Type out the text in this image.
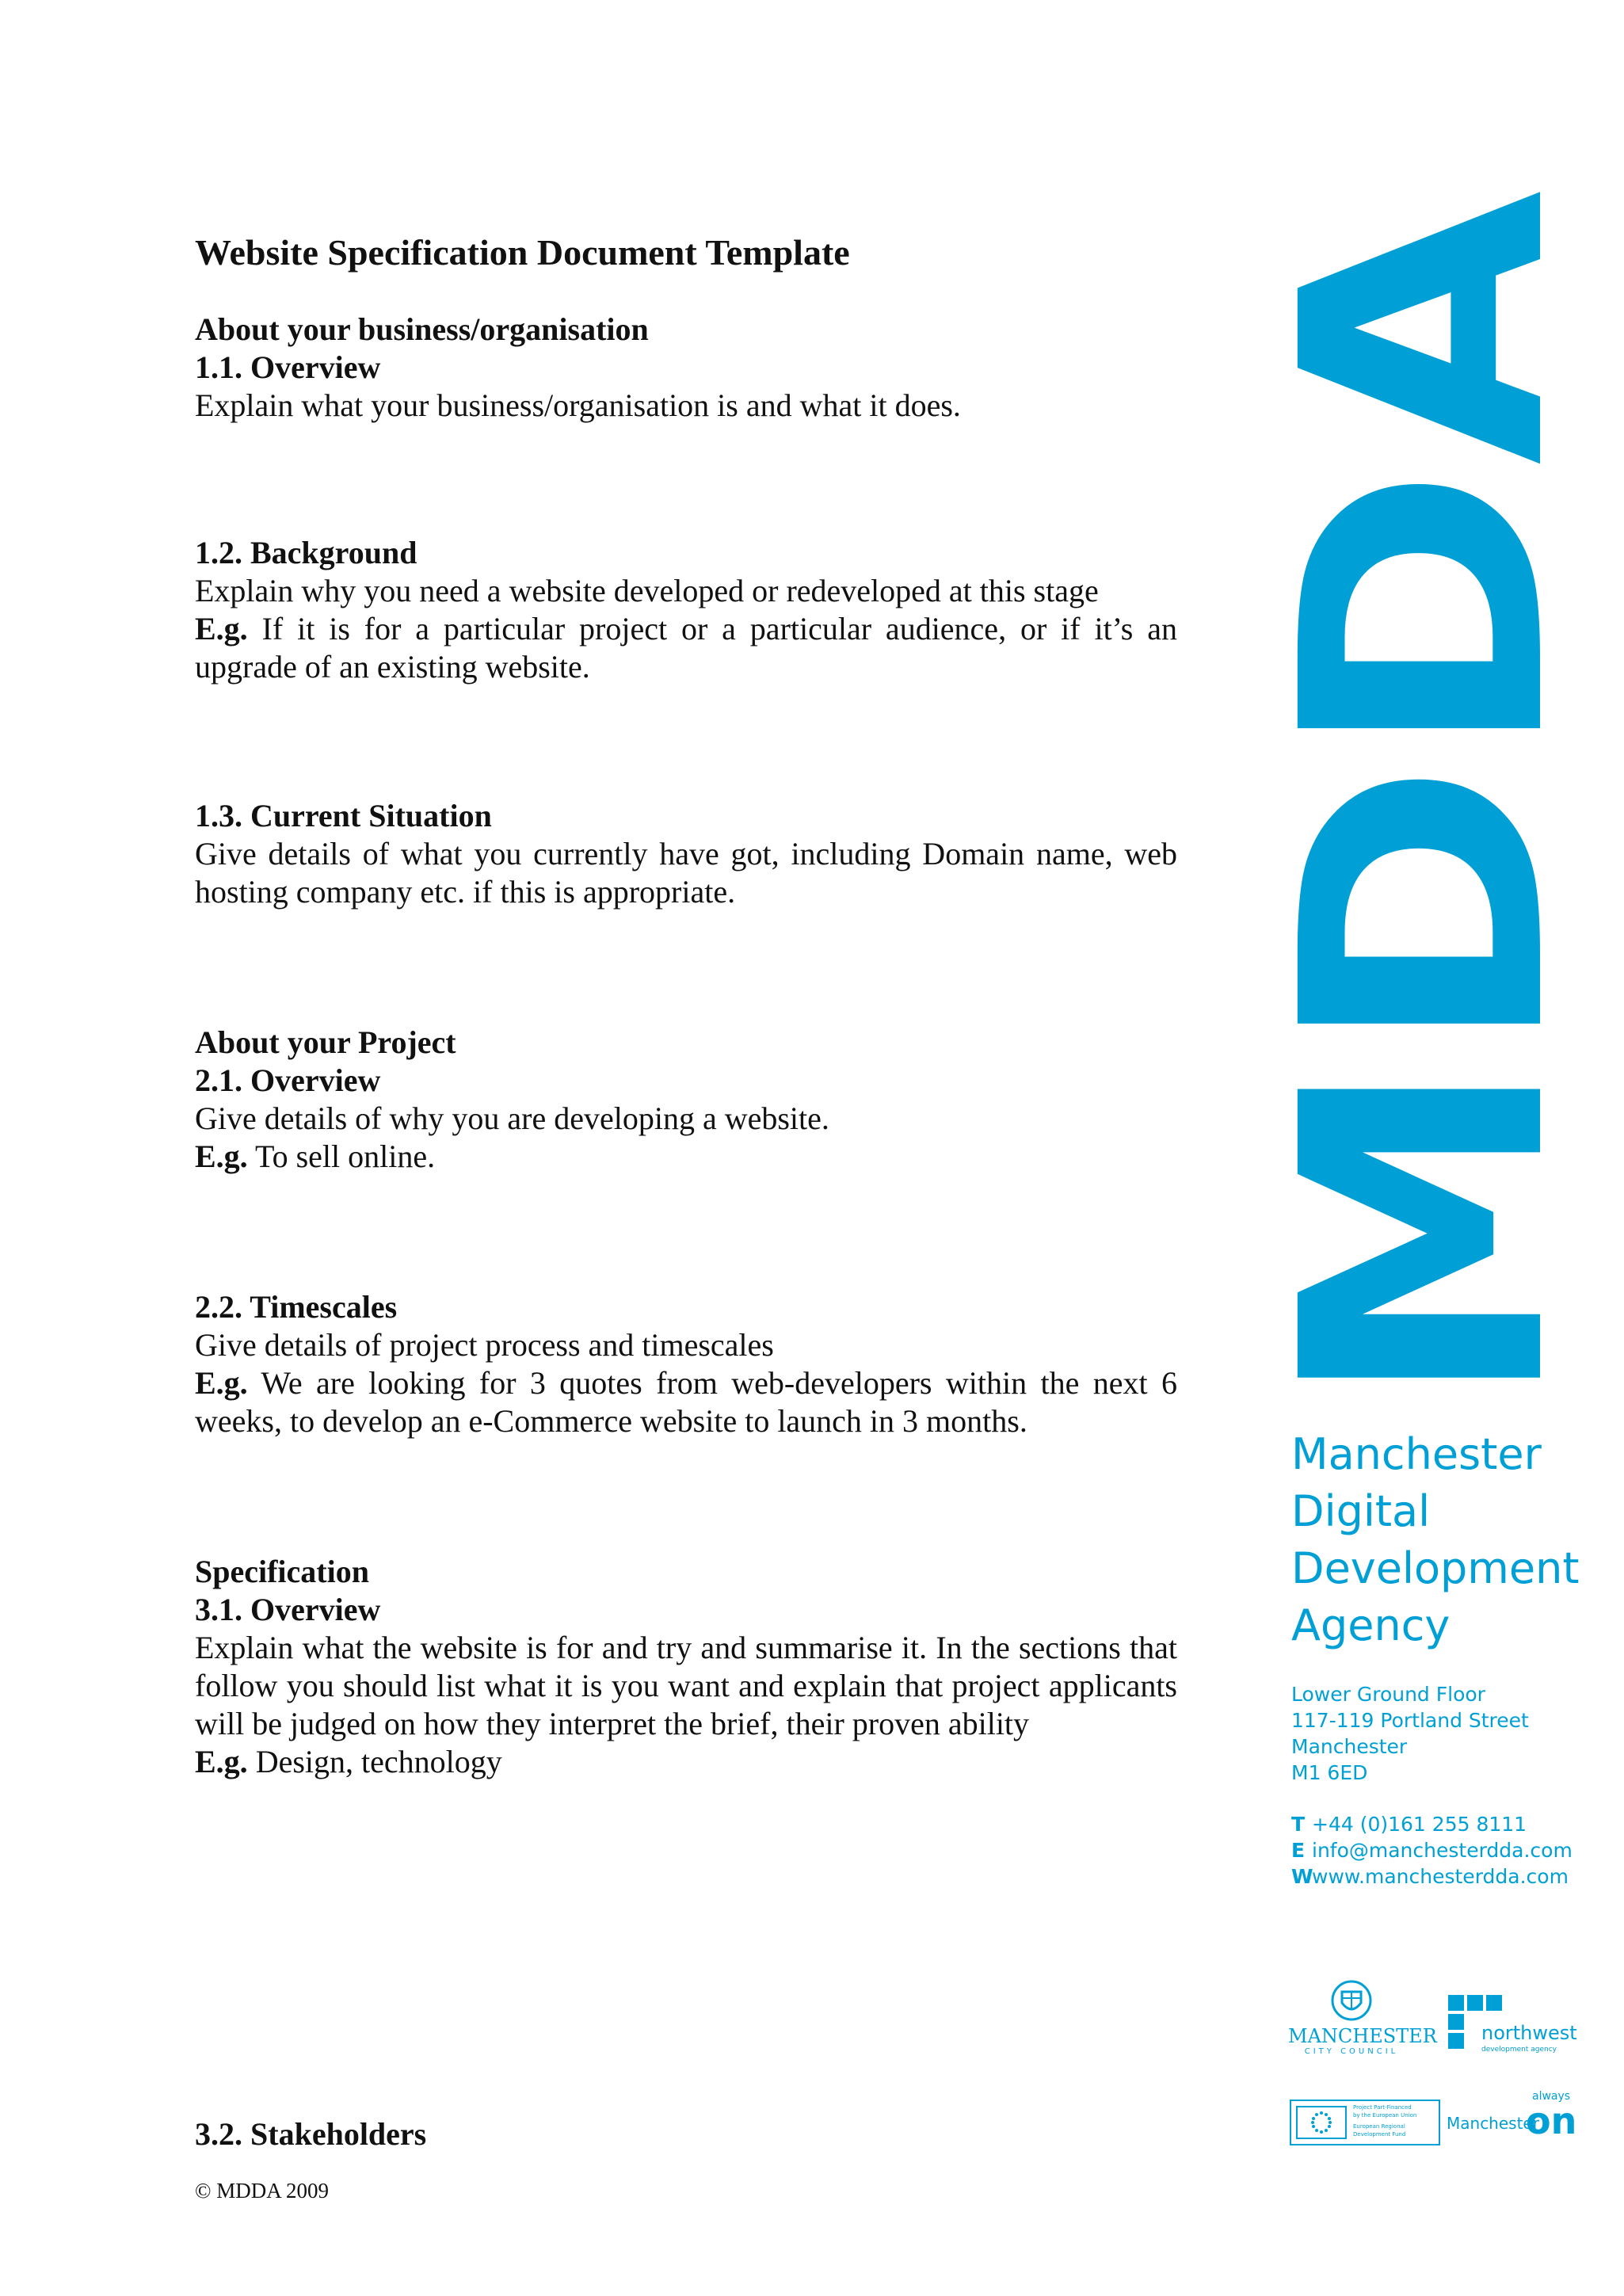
Website Specification Document Template
About your business/organisation
1.1. Overview
Explain what your business/organisation is and what it does.
1.2. Background
Explain why you need a website developed or redeveloped at this stage
E.g. If it is for a particular project or a particular audience, or if it’s an upgrade of an existing website.
1.3. Current Situation
Give details of what you currently have got, including Domain name, web hosting company etc. if this is appropriate.
About your Project
2.1. Overview
Give details of why you are developing a website.
E.g. To sell online.
2.2. Timescales
Give details of project process and timescales
E.g. We are looking for 3 quotes from web-developers within the next 6 weeks, to develop an e-Commerce website to launch in 3 months.
Specification
3.1. Overview
Explain what the website is for and try and summarise it. In the sections that follow you should list what it is you want and explain that project applicants will be judged on how they interpret the brief, their proven ability
E.g. Design, technology
3.2. Stakeholders
© MDDA 2009
MDDA
Manchester
Digital
Development
Agency
Lower Ground Floor
117-119 Portland Street
Manchester
M1 6ED
T +44 (0)161 255 8111
E info@manchesterdda.com
Wwww.manchesterdda.com
MANCHESTER
CITY COUNCIL
northwest
development agency
Project Part-Financed
by the European Union
European Regional
Development Fund
Manchester
always
on
